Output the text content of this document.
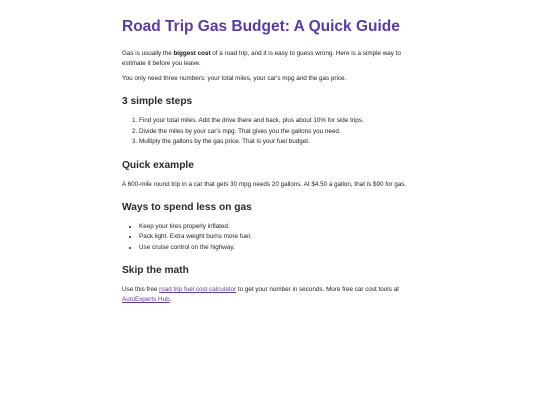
Road Trip Gas Budget: A Quick Guide

Gas is usually the biggest cost of a road trip, and it is easy to guess wrong. Here is a simple way to estimate it before you leave.

You only need three numbers: your total miles, your car's mpg and the gas price.

3 simple steps
1. Find your total miles. Add the drive there and back, plus about 10% for side trips.
2. Divide the miles by your car's mpg. That gives you the gallons you need.
3. Multiply the gallons by the gas price. That is your fuel budget.
Quick example

A 600-mile round trip in a car that gets 30 mpg needs 20 gallons. At $4.50 a gallon, that is $90 for gas.

Ways to spend less on gas
• Keep your tires properly inflated.
• Pack light. Extra weight burns more fuel.
• Use cruise control on the highway.
Skip the math

Use this free road trip fuel cost calculator to get your number in seconds. More free car cost tools at AutoExperts Hub.
